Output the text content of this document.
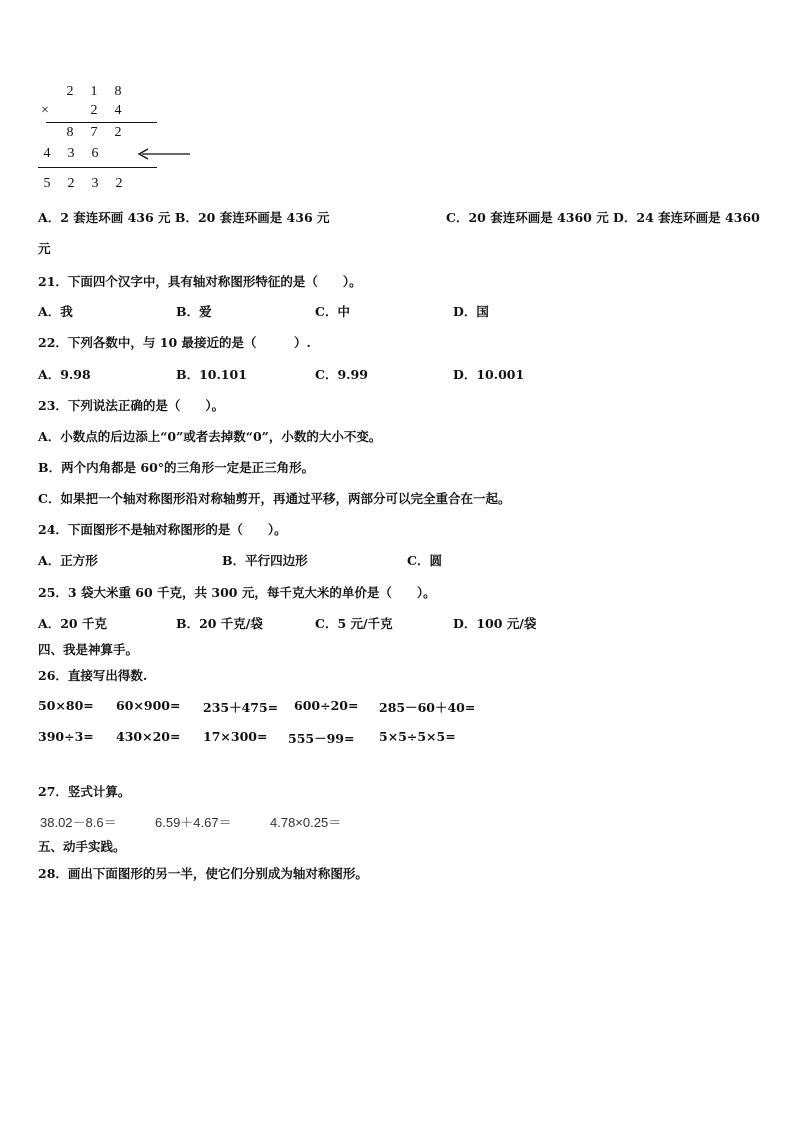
2 1 8
×	2 4
8 7 2
4 3 6
5 2 3 2
A．2 套连环画 436 元 B．20 套连环画是 436 元	C．20 套连环画是 4360 元 D．24 套连环画是 4360
元
21．下面四个汉字中，具有轴对称图形特征的是（　　）。
A．我	B．爱	C．中	D．国
22．下列各数中，与 10 最接近的是（　　　）.
A．9.98	B．10.101	C．9.99	D．10.001
23．下列说法正确的是（　　）。
A．小数点的后边添上“0”或者去掉数“0”，小数的大小不变。
B．两个内角都是 60°的三角形一定是正三角形。
C．如果把一个轴对称图形沿对称轴剪开，再通过平移，两部分可以完全重合在一起。
24．下面图形不是轴对称图形的是（　　）。
A．正方形	B．平行四边形	C．圆
25．3 袋大米重 60 千克，共 300 元，每千克大米的单价是（　　）。
A．20 千克	B．20 千克/袋	C．5 元/千克	D．100 元/袋
四、我是神算手。
26．直接写出得数.
50×80= 60×900= 235＋475= 600÷20= 285－60＋40=
390÷3= 430×20= 17×300= 555－99= 5×5÷5×5=
27．竖式计算。
38.02－8.6＝	6.59＋4.67＝	4.78×0.25＝
五、动手实践。
28．画出下面图形的另一半，使它们分别成为轴对称图形。
